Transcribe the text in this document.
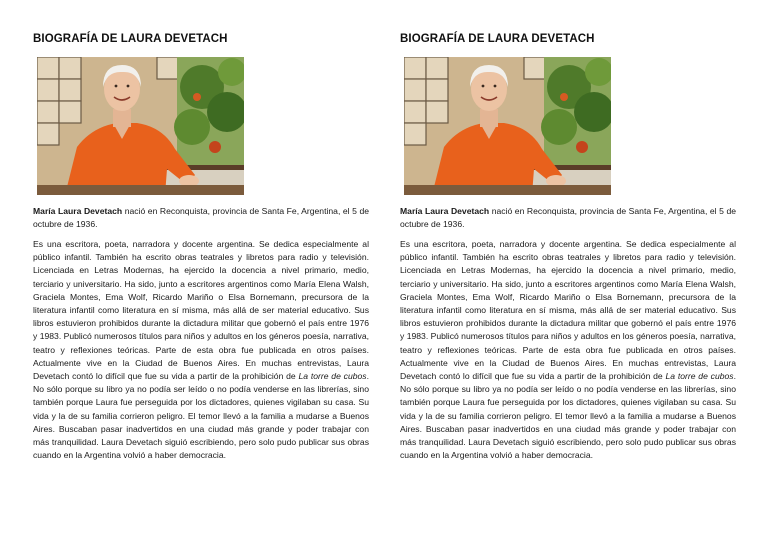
BIOGRAFÍA DE LAURA DEVETACH
María Laura Devetach nació en Reconquista, provincia de Santa Fe, Argentina, el 5 de octubre de 1936.
Es una escritora, poeta, narradora y docente argentina. Se dedica especialmente al público infantil. También ha escrito obras teatrales y libretos para radio y televisión. Licenciada en Letras Modernas, ha ejercido la docencia a nivel primario, medio, terciario y universitario. Ha sido, junto a escritores argentinos como María Elena Walsh, Graciela Montes, Ema Wolf, Ricardo Mariño o Elsa Bornemann, precursora de la literatura infantil como literatura en sí misma, más allá de ser material educativo. Sus libros estuvieron prohibidos durante la dictadura militar que gobernó el país entre 1976 y 1983. Publicó numerosos títulos para niños y adultos en los géneros poesía, narrativa, teatro y reflexiones teóricas. Parte de esta obra fue publicada en otros países. Actualmente vive en la Ciudad de Buenos Aires. En muchas entrevistas, Laura Devetach contó lo difícil que fue su vida a partir de la prohibición de La torre de cubos. No sólo porque su libro ya no podía ser leído o no podía venderse en las librerías, sino también porque Laura fue perseguida por los dictadores, quienes vigilaban su casa. Su vida y la de su familia corrieron peligro. El temor llevó a la familia a mudarse a Buenos Aires. Buscaban pasar inadvertidos en una ciudad más grande y poder trabajar con más tranquilidad. Laura Devetach siguió escribiendo, pero solo pudo publicar sus obras cuando en la Argentina volvió a haber democracia.
BIOGRAFÍA DE LAURA DEVETACH
María Laura Devetach nació en Reconquista, provincia de Santa Fe, Argentina, el 5 de octubre de 1936.
Es una escritora, poeta, narradora y docente argentina. Se dedica especialmente al público infantil. También ha escrito obras teatrales y libretos para radio y televisión. Licenciada en Letras Modernas, ha ejercido la docencia a nivel primario, medio, terciario y universitario. Ha sido, junto a escritores argentinos como María Elena Walsh, Graciela Montes, Ema Wolf, Ricardo Mariño o Elsa Bornemann, precursora de la literatura infantil como literatura en sí misma, más allá de ser material educativo. Sus libros estuvieron prohibidos durante la dictadura militar que gobernó el país entre 1976 y 1983. Publicó numerosos títulos para niños y adultos en los géneros poesía, narrativa, teatro y reflexiones teóricas. Parte de esta obra fue publicada en otros países. Actualmente vive en la Ciudad de Buenos Aires. En muchas entrevistas, Laura Devetach contó lo difícil que fue su vida a partir de la prohibición de La torre de cubos. No sólo porque su libro ya no podía ser leído o no podía venderse en las librerías, sino también porque Laura fue perseguida por los dictadores, quienes vigilaban su casa. Su vida y la de su familia corrieron peligro. El temor llevó a la familia a mudarse a Buenos Aires. Buscaban pasar inadvertidos en una ciudad más grande y poder trabajar con más tranquilidad. Laura Devetach siguió escribiendo, pero solo pudo publicar sus obras cuando en la Argentina volvió a haber democracia.
